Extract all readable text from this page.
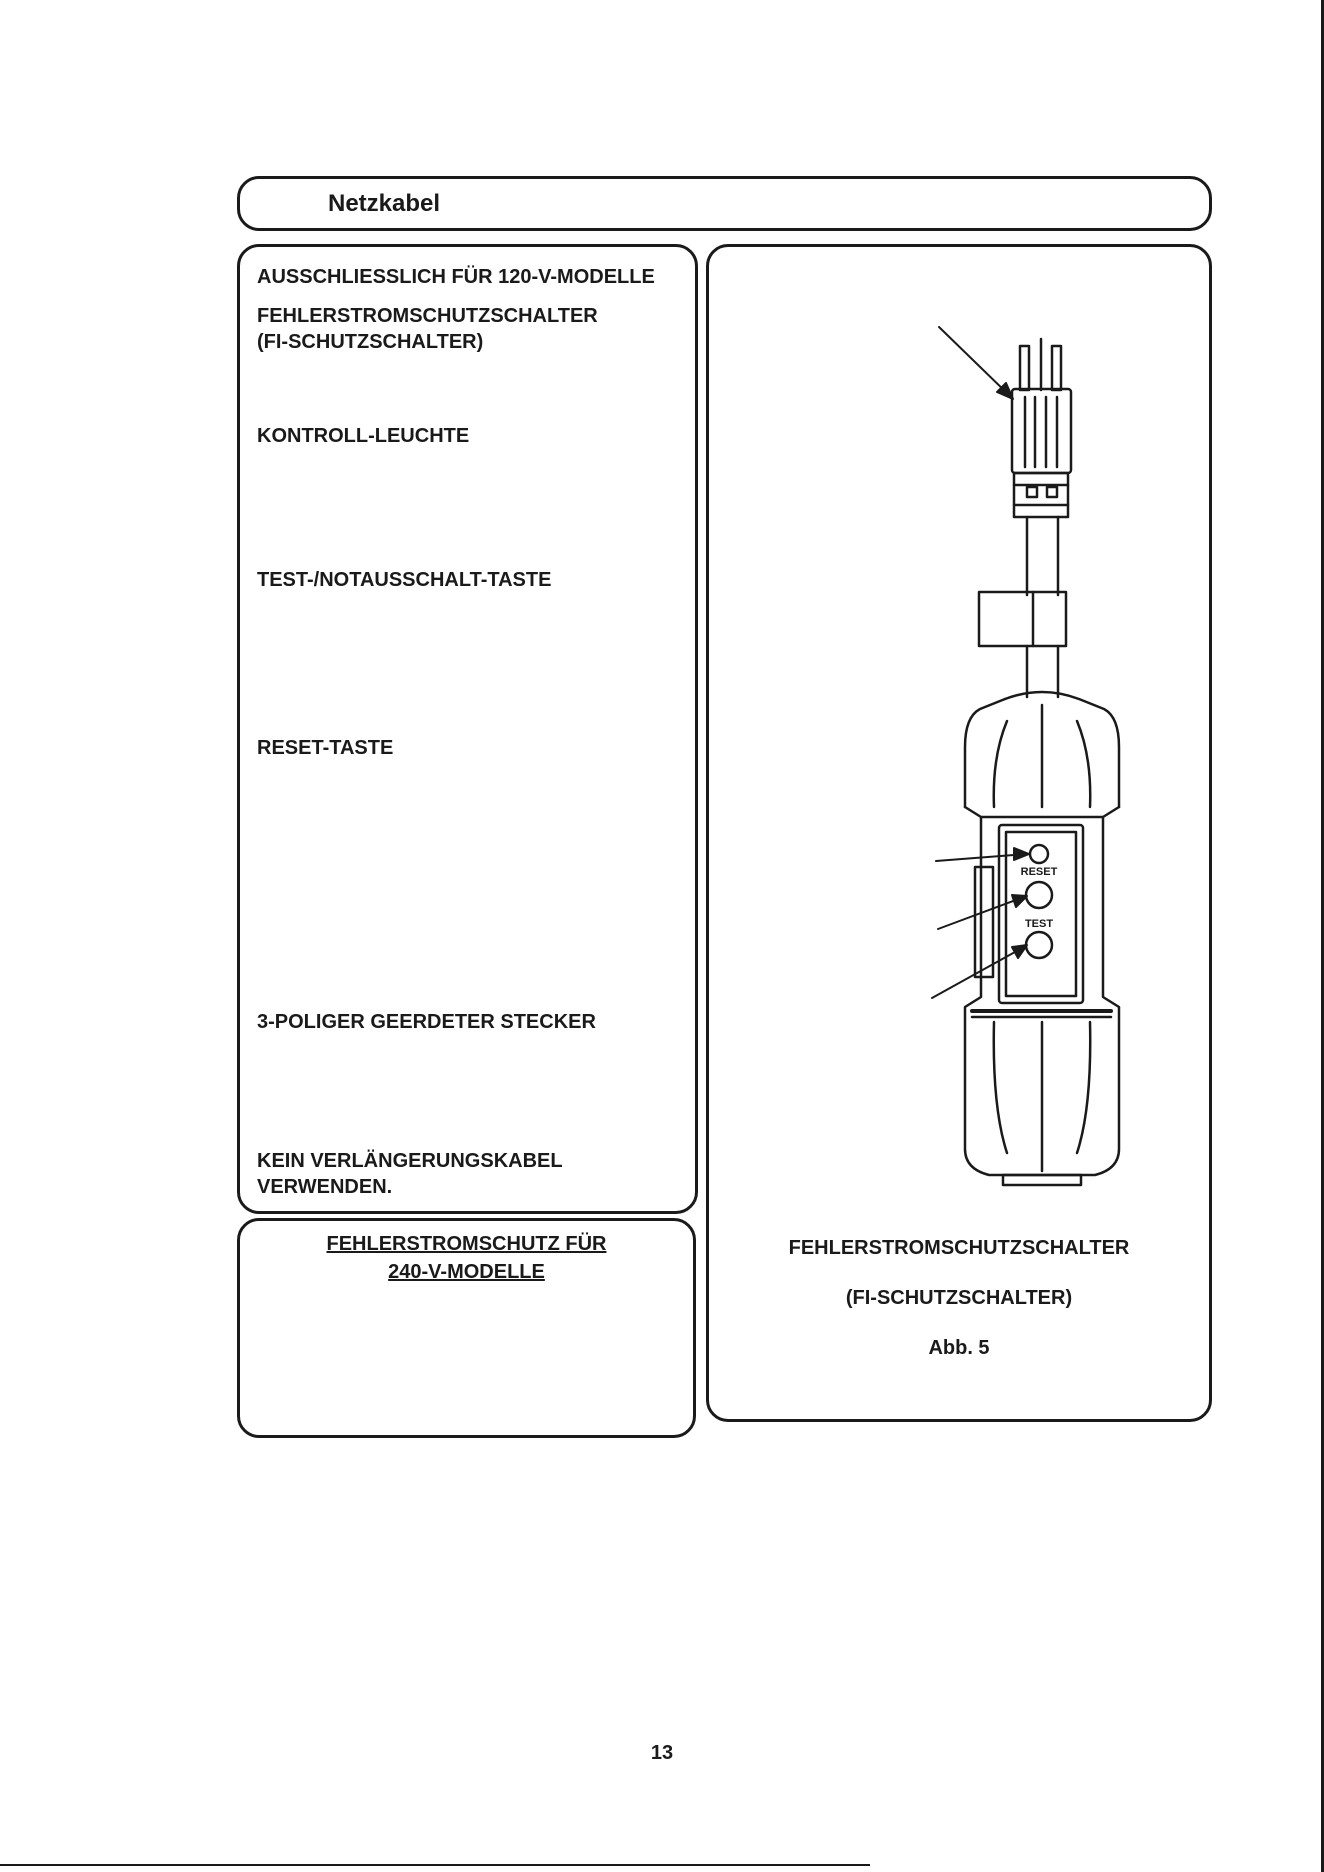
Netzkabel
AUSSCHLIESSLICH FÜR 120-V-MODELLE
FEHLERSTROMSCHUTZSCHALTER
(FI-SCHUTZSCHALTER)
KONTROLL-LEUCHTE
TEST-/NOTAUSSCHALT-TASTE
RESET-TASTE
3-POLIGER GEERDETER STECKER
KEIN VERLÄNGERUNGSKABEL
VERWENDEN.
FEHLERSTROMSCHUTZ FÜR
240-V-MODELLE
RESET
TEST
FEHLERSTROMSCHUTZSCHALTER
(FI-SCHUTZSCHALTER)
Abb. 5
13
